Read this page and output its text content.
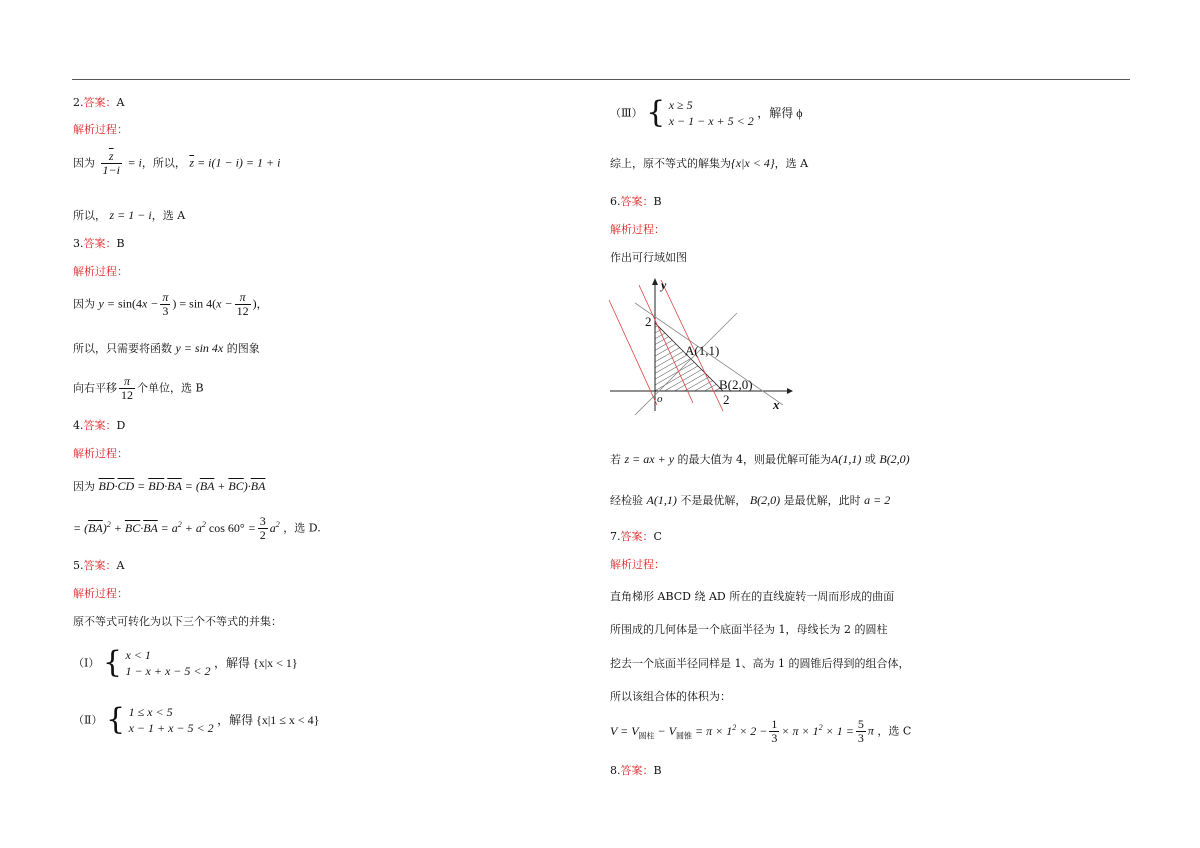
2.答案：A
解析过程：
因为 $\frac{\overline{z}}{1-i} = i$，所以， $\overline{z} = i(1 - i) = 1 + i$
所以， z = 1 − i，选 A
3.答案：B
解析过程：
因为 $y = \sin(4x - \frac{\pi}{3}$ ) = $\sin 4(x - \frac{\pi}{12}$ )，
所以，只需要将函数 y = sin 4x 的图象
向右平移 $\frac{\pi}{12}$ 个单位，选 B
4.答案：D
解析过程：
因为 $\overline{BD}\cdot\overline{CD} = \overline{BD}\cdot\overline{BA} = (\overline{BA} + \overline{BC})\cdot\overline{BA}$
= $(\overline{BA})^2 + \overline{BC}\cdot\overline{BA} = a^2 + a^2$ $\cos 60^\circ = \frac{3}{2} a^2$ ，选 D.
5.答案：A
解析过程：
原不等式可转化为以下三个不等式的并集：
（Ⅰ） { x < 1
1 − x + x − 5 < 2
，解得 {x|x < 1}
（Ⅱ） { 1 ≤ x < 5
x − 1 + x − 5 < 2
，解得 {x|1 ≤ x < 4}
（Ⅲ） { x ≥ 5
x − 1 − x + 5 < 2
，解得 ϕ
综上，原不等式的解集为{x|x < 4}，选 A
6.答案：B
解析过程：
作出可行域如图
y
x
o
2
2
A(1,1)
B(2,0)
若 z = ax + y 的最大值为 4，则最优解可能为A(1,1) 或 B(2,0)
经检验 A(1,1) 不是最优解， B(2,0) 是最优解，此时 a = 2
7.答案：C
解析过程：
直角梯形 ABCD 绕 AD 所在的直线旋转一周而形成的曲面
所围成的几何体是一个底面半径为 1，母线长为 2 的圆柱
挖去一个底面半径同样是 1、高为 1 的圆锥后得到的组合体，
所以该组合体的体积为：
$V = V_{圆柱} - V_{圆锥} = \pi \times 1^2 \times 2 - \frac{1}{3} \times \pi \times 1^2 \times 1 = \frac{5}{3}$ π ，选 C
8.答案：B
